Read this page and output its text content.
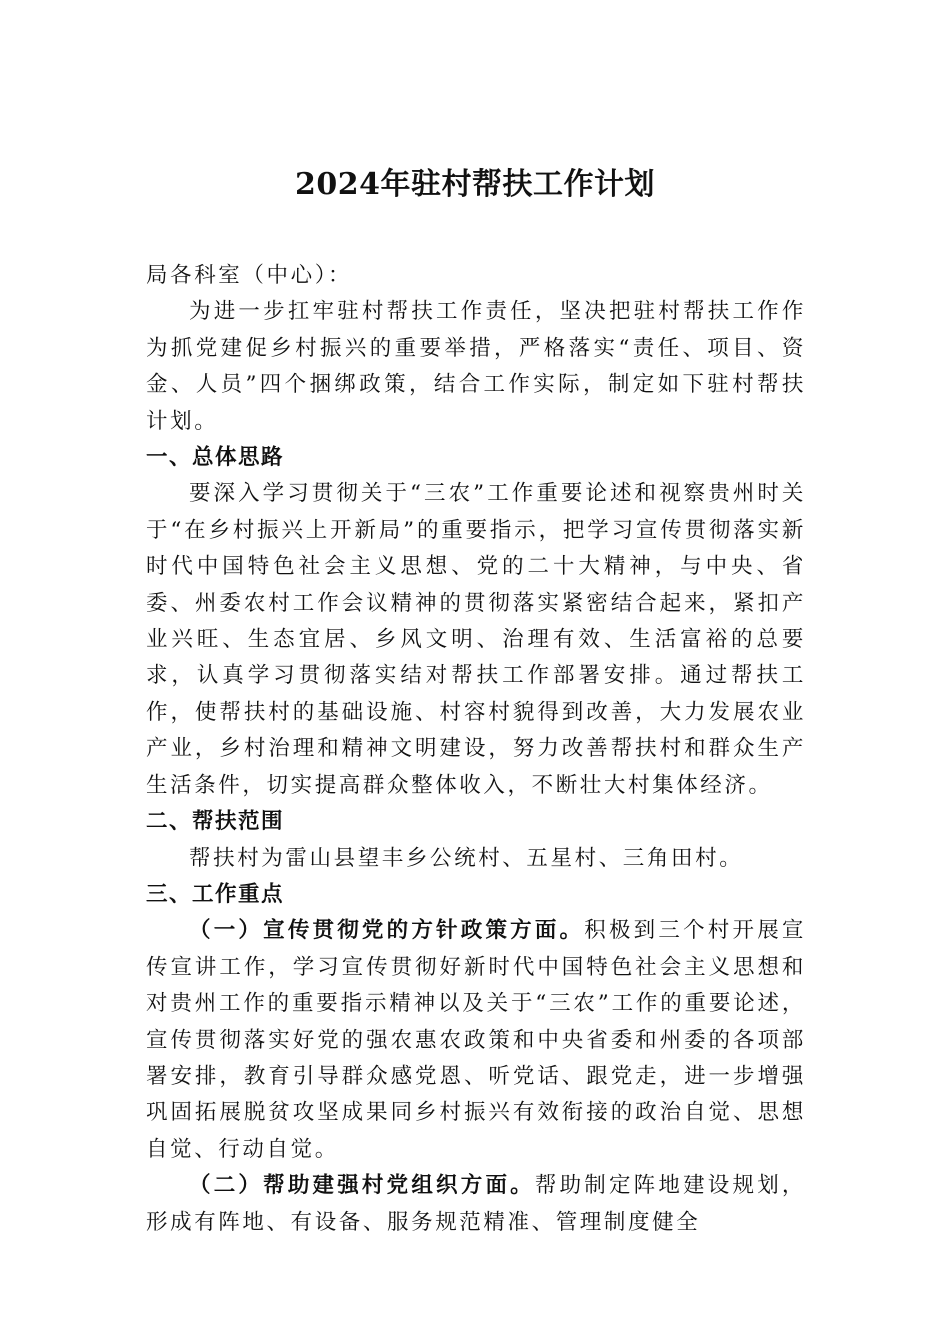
2024年驻村帮扶工作计划

局各科室（中心）：

为进一步扛牢驻村帮扶工作责任，坚决把驻村帮扶工作作为抓党建促乡村振兴的重要举措，严格落实“责任、项目、资金、人员”四个捆绑政策，结合工作实际，制定如下驻村帮扶计划。

一、总体思路

要深入学习贯彻关于“三农”工作重要论述和视察贵州时关于“在乡村振兴上开新局”的重要指示，把学习宣传贯彻落实新时代中国特色社会主义思想、党的二十大精神，与中央、省委、州委农村工作会议精神的贯彻落实紧密结合起来，紧扣产业兴旺、生态宜居、乡风文明、治理有效、生活富裕的总要求，认真学习贯彻落实结对帮扶工作部署安排。通过帮扶工作，使帮扶村的基础设施、村容村貌得到改善，大力发展农业产业，乡村治理和精神文明建设，努力改善帮扶村和群众生产生活条件，切实提高群众整体收入，不断壮大村集体经济。

二、帮扶范围

帮扶村为雷山县望丰乡公统村、五星村、三角田村。

三、工作重点

（一）宣传贯彻党的方针政策方面。积极到三个村开展宣传宣讲工作，学习宣传贯彻好新时代中国特色社会主义思想和对贵州工作的重要指示精神以及关于“三农”工作的重要论述，宣传贯彻落实好党的强农惠农政策和中央省委和州委的各项部署安排，教育引导群众感党恩、听党话、跟党走，进一步增强巩固拓展脱贫攻坚成果同乡村振兴有效衔接的政治自觉、思想自觉、行动自觉。

（二）帮助建强村党组织方面。帮助制定阵地建设规划，形成有阵地、有设备、服务规范精准、管理制度健全
